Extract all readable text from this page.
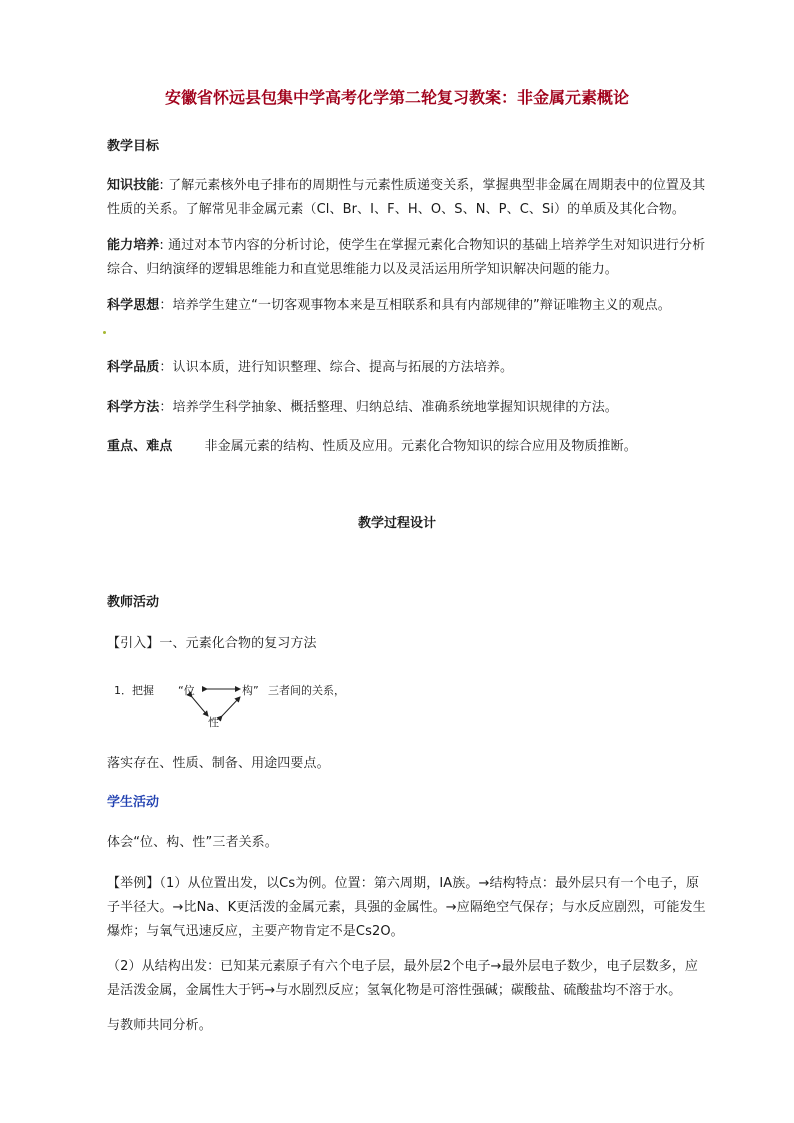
安徽省怀远县包集中学高考化学第二轮复习教案：非金属元素概论
教学目标
知识技能: 了解元素核外电子排布的周期性与元素性质递变关系，掌握典型非金属在周期表中的位置及其性质的关系。了解常见非金属元素（Cl、Br、I、F、H、O、S、N、P、C、Si）的单质及其化合物。
能力培养: 通过对本节内容的分析讨论，使学生在掌握元素化合物知识的基础上培养学生对知识进行分析综合、归纳演绎的逻辑思维能力和直觉思维能力以及灵活运用所学知识解决问题的能力。
科学思想：培养学生建立“一切客观事物本来是互相联系和具有内部规律的”辩证唯物主义的观点。
科学品质：认识本质，进行知识整理、综合、提高与拓展的方法培养。
科学方法：培养学生科学抽象、概括整理、归纳总结、准确系统地掌握知识规律的方法。
重点、难点 非金属元素的结构、性质及应用。元素化合物知识的综合应用及物质推断。
教学过程设计
教师活动
【引入】一、元素化合物的复习方法
1．把握 “位	构” 三者间的关系，
性
落实存在、性质、制备、用途四要点。
学生活动
体会“位、构、性”三者关系。
【举例】（1）从位置出发，以Cs为例。位置：第六周期，IA族。→结构特点：最外层只有一个电子，原子半径大。→比Na、K更活泼的金属元素，具强的金属性。→应隔绝空气保存；与水反应剧烈，可能发生爆炸；与氧气迅速反应，主要产物肯定不是Cs2O。
（2）从结构出发：已知某元素原子有六个电子层，最外层2个电子→最外层电子数少，电子层数多，应是活泼金属，金属性大于钙→与水剧烈反应；氢氧化物是可溶性强碱；碳酸盐、硫酸盐均不溶于水。
与教师共同分析。
